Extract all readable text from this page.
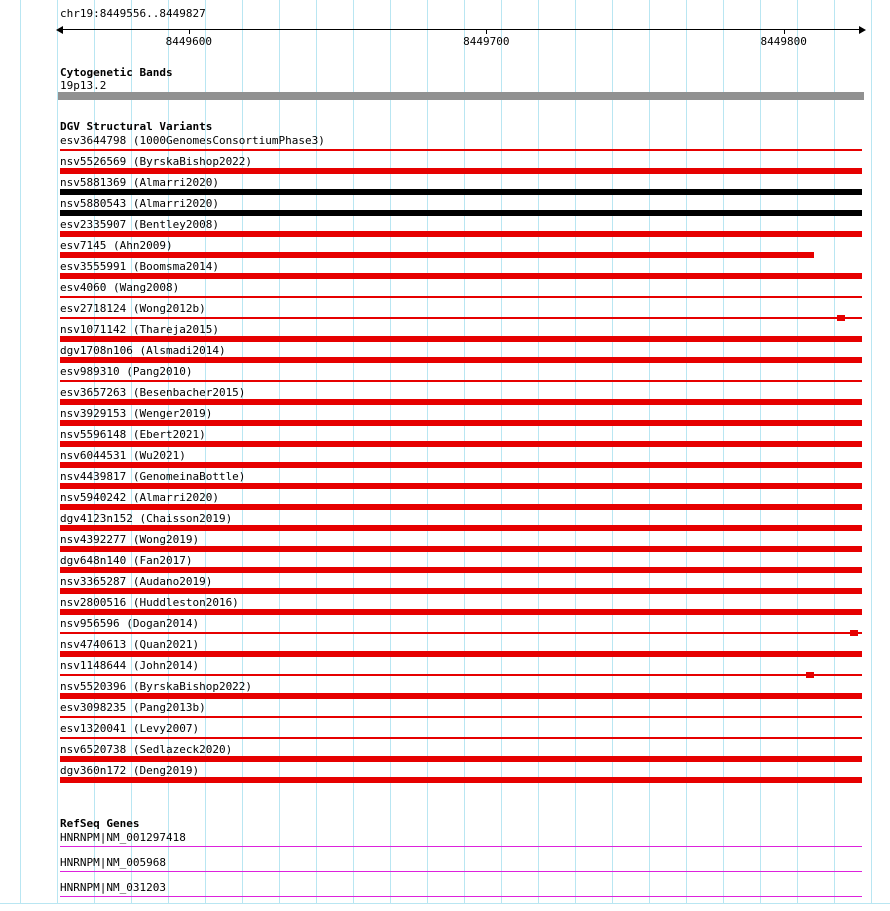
chr19:8449556..8449827
8449600	8449700	8449800
Cytogenetic Bands
19p13.2
DGV Structural Variants
esv3644798 (1000GenomesConsortiumPhase3)
nsv5526569 (ByrskaBishop2022)
nsv5881369 (Almarri2020)
nsv5880543 (Almarri2020)
esv2335907 (Bentley2008)
esv7145 (Ahn2009)
esv3555991 (Boomsma2014)
esv4060 (Wang2008)
esv2718124 (Wong2012b)
nsv1071142 (Thareja2015)
dgv1708n106 (Alsmadi2014)
esv989310 (Pang2010)
esv3657263 (Besenbacher2015)
nsv3929153 (Wenger2019)
nsv5596148 (Ebert2021)
nsv6044531 (Wu2021)
nsv4439817 (GenomeinaBottle)
nsv5940242 (Almarri2020)
dgv4123n152 (Chaisson2019)
nsv4392277 (Wong2019)
dgv648n140 (Fan2017)
nsv3365287 (Audano2019)
nsv2800516 (Huddleston2016)
nsv956596 (Dogan2014)
nsv4740613 (Quan2021)
nsv1148644 (John2014)
nsv5520396 (ByrskaBishop2022)
esv3098235 (Pang2013b)
esv1320041 (Levy2007)
nsv6520738 (Sedlazeck2020)
dgv360n172 (Deng2019)
RefSeq Genes
HNRNPM|NM_001297418
HNRNPM|NM_005968
HNRNPM|NM_031203
